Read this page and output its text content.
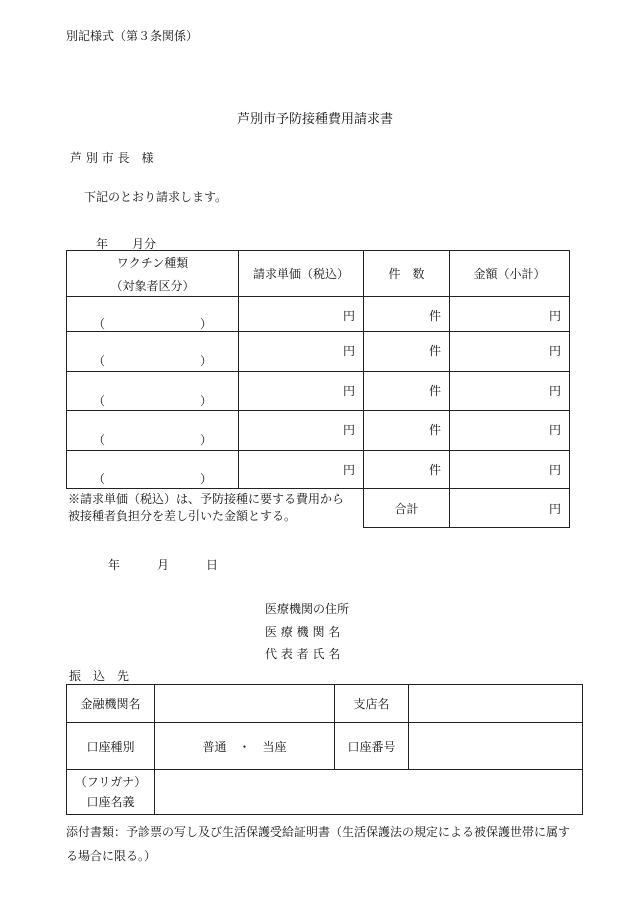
別記様式（第３条関係）
芦別市予防接種費用請求書
芦 別 市 長　様
下記のとおり請求します。
年　　月分
ワクチン種類
（対象者区分）	請求単価（税込）	件　数	金額（小計）

（ ）	円	件	円

（ ）	円	件	円

（ ）	円	件	円

（ ）	円	件	円

（ ）	円	件	円
※請求単価（税込）は、予防接種に要する費用から
被接種者負担分を差し引いた金額とする。
合計	円
年	月	日
医療機関の住所
医 療 機 関 名
代 表 者 氏 名
振　込　先
金融機関名		支店名	
口座種別	普通　・　当座	口座番号	

（フリガナ）
口座名義			

添付書類：予診票の写し及び生活保護受給証明書（生活保護法の規定による被保護世帯に属す
る場合に限る。）
